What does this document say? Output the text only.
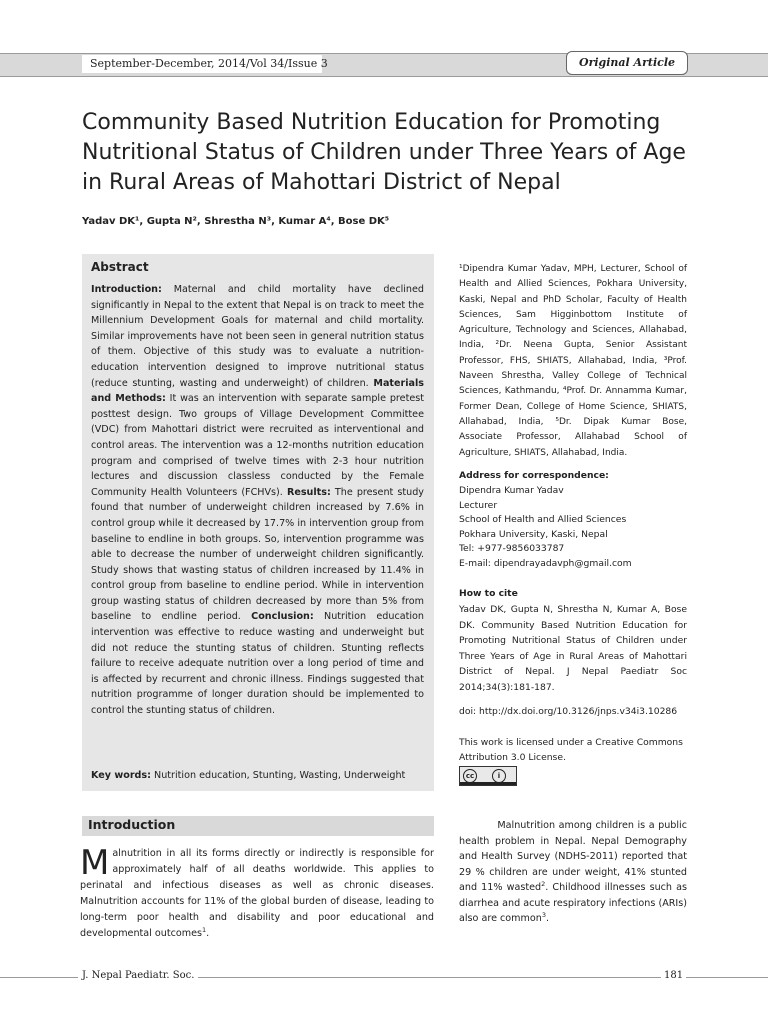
September-December, 2014/Vol 34/Issue 3	Original Article
Community Based Nutrition Education for Promoting Nutritional Status of Children under Three Years of Age in Rural Areas of Mahottari District of Nepal
Yadav DK¹, Gupta N², Shrestha N³, Kumar A⁴, Bose DK⁵
Abstract

Introduction: Maternal and child mortality have declined significantly in Nepal to the extent that Nepal is on track to meet the Millennium Development Goals for maternal and child mortality. Similar improvements have not been seen in general nutrition status of them. Objective of this study was to evaluate a nutrition-education intervention designed to improve nutritional status (reduce stunting, wasting and underweight) of children. Materials and Methods: It was an intervention with separate sample pretest posttest design. Two groups of Village Development Committee (VDC) from Mahottari district were recruited as interventional and control areas. The intervention was a 12-months nutrition education program and comprised of twelve times with 2-3 hour nutrition lectures and discussion classless conducted by the Female Community Health Volunteers (FCHVs). Results: The present study found that number of underweight children increased by 7.6% in control group while it decreased by 17.7% in intervention group from baseline to endline in both groups. So, intervention programme was able to decrease the number of underweight children significantly. Study shows that wasting status of children increased by 11.4% in control group from baseline to endline period. While in intervention group wasting status of children decreased by more than 5% from baseline to endline period. Conclusion: Nutrition education intervention was effective to reduce wasting and underweight but did not reduce the stunting status of children. Stunting reflects failure to receive adequate nutrition over a long period of time and is affected by recurrent and chronic illness. Findings suggested that nutrition programme of longer duration should be implemented to control the stunting status of children.

Key words: Nutrition education, Stunting, Wasting, Underweight
¹Dipendra Kumar Yadav, MPH, Lecturer, School of Health and Allied Sciences, Pokhara University, Kaski, Nepal and PhD Scholar, Faculty of Health Sciences, Sam Higginbottom Institute of Agriculture, Technology and Sciences, Allahabad, India, ²Dr. Neena Gupta, Senior Assistant Professor, FHS, SHIATS, Allahabad, India, ³Prof. Naveen Shrestha, Valley College of Technical Sciences, Kathmandu, ⁴Prof. Dr. Annamma Kumar, Former Dean, College of Home Science, SHIATS, Allahabad, India, ⁵Dr. Dipak Kumar Bose, Associate Professor, Allahabad School of Agriculture, SHIATS, Allahabad, India.
Address for correspondence:
Dipendra Kumar Yadav
Lecturer
School of Health and Allied Sciences
Pokhara University, Kaski, Nepal
Tel: +977-9856033787
E-mail: dipendrayadavph@gmail.com
How to cite
Yadav DK, Gupta N, Shrestha N, Kumar A, Bose DK. Community Based Nutrition Education for Promoting Nutritional Status of Children under Three Years of Age in Rural Areas of Mahottari District of Nepal. J Nepal Paediatr Soc 2014;34(3):181-187.
doi: http://dx.doi.org/10.3126/jnps.v34i3.10286
This work is licensed under a Creative Commons Attribution 3.0 License.
cc	i
Introduction
Malnutrition in all its forms directly or indirectly is responsible for approximately half of all deaths worldwide. This applies to perinatal and infectious diseases as well as chronic diseases. Malnutrition accounts for 11% of the global burden of disease, leading to long-term poor health and disability and poor educational and developmental outcomes$^1$.
    Malnutrition among children is a public health problem in Nepal. Nepal Demography and Health Survey (NDHS-2011) reported that 29 % children are under weight, 41% stunted and 11% wasted$^2$. Childhood illnesses such as diarrhea and acute respiratory infections (ARIs) also are common$^3$.
J. Nepal Paediatr. Soc.	181
